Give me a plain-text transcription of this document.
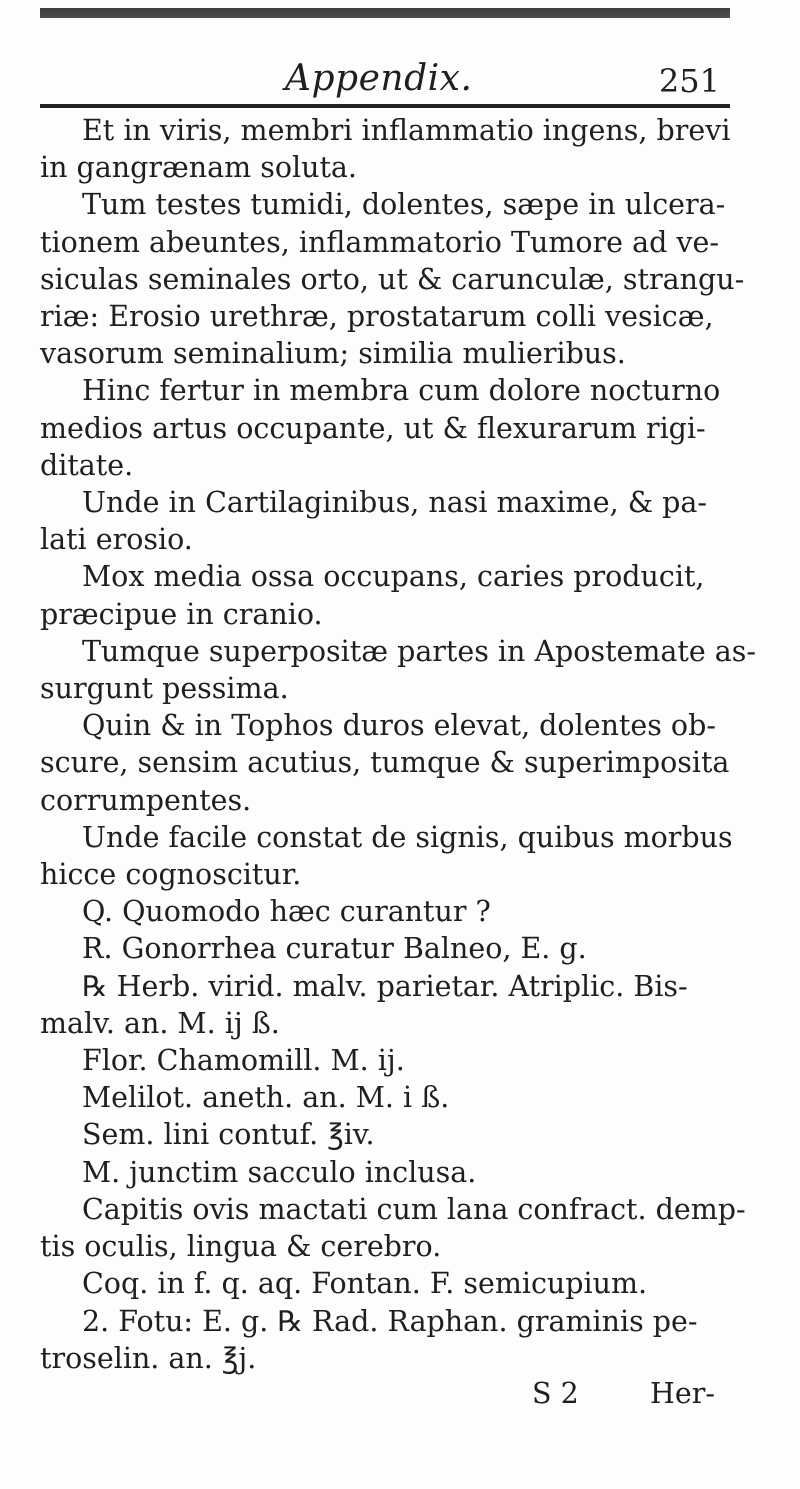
Appendix.	251

Et in viris, membri inflammatio ingens, brevi
in gangrænam soluta.

Tum testes tumidi, dolentes, sæpe in ulcera-
tionem abeuntes, inflammatorio Tumore ad ve-
siculas seminales orto, ut & carunculæ, strangu-
riæ: Erosio urethræ, prostatarum colli vesicæ,
vasorum seminalium; similia mulieribus.

Hinc fertur in membra cum dolore nocturno
medios artus occupante, ut & flexurarum rigi-
ditate.

Unde in Cartilaginibus, nasi maxime, & pa-
lati erosio.

Mox media ossa occupans, caries producit,
præcipue in cranio.

Tumque superpositæ partes in Apostemate as-
surgunt pessima.

Quin & in Tophos duros elevat, dolentes ob-
scure, sensim acutius, tumque & superimposita
corrumpentes.

Unde facile constat de signis, quibus morbus
hicce cognoscitur.

Q. Quomodo hæc curantur ?

R. Gonorrhea curatur Balneo, E. g.

℞ Herb. virid. malv. parietar. Atriplic. Bis-
malv. an. M. ij ß.

Flor. Chamomill. M. ij.

Melilot. aneth. an. M. i ß.

Sem. lini contuf. ℥iv.

M. junctim sacculo inclusa.

Capitis ovis mactati cum lana confract. demp-
tis oculis, lingua & cerebro.

Coq. in f. q. aq. Fontan. F. semicupium.

2. Fotu: E. g. ℞ Rad. Raphan. graminis pe-
troselin. an. ℥j.

S 2	Her-
